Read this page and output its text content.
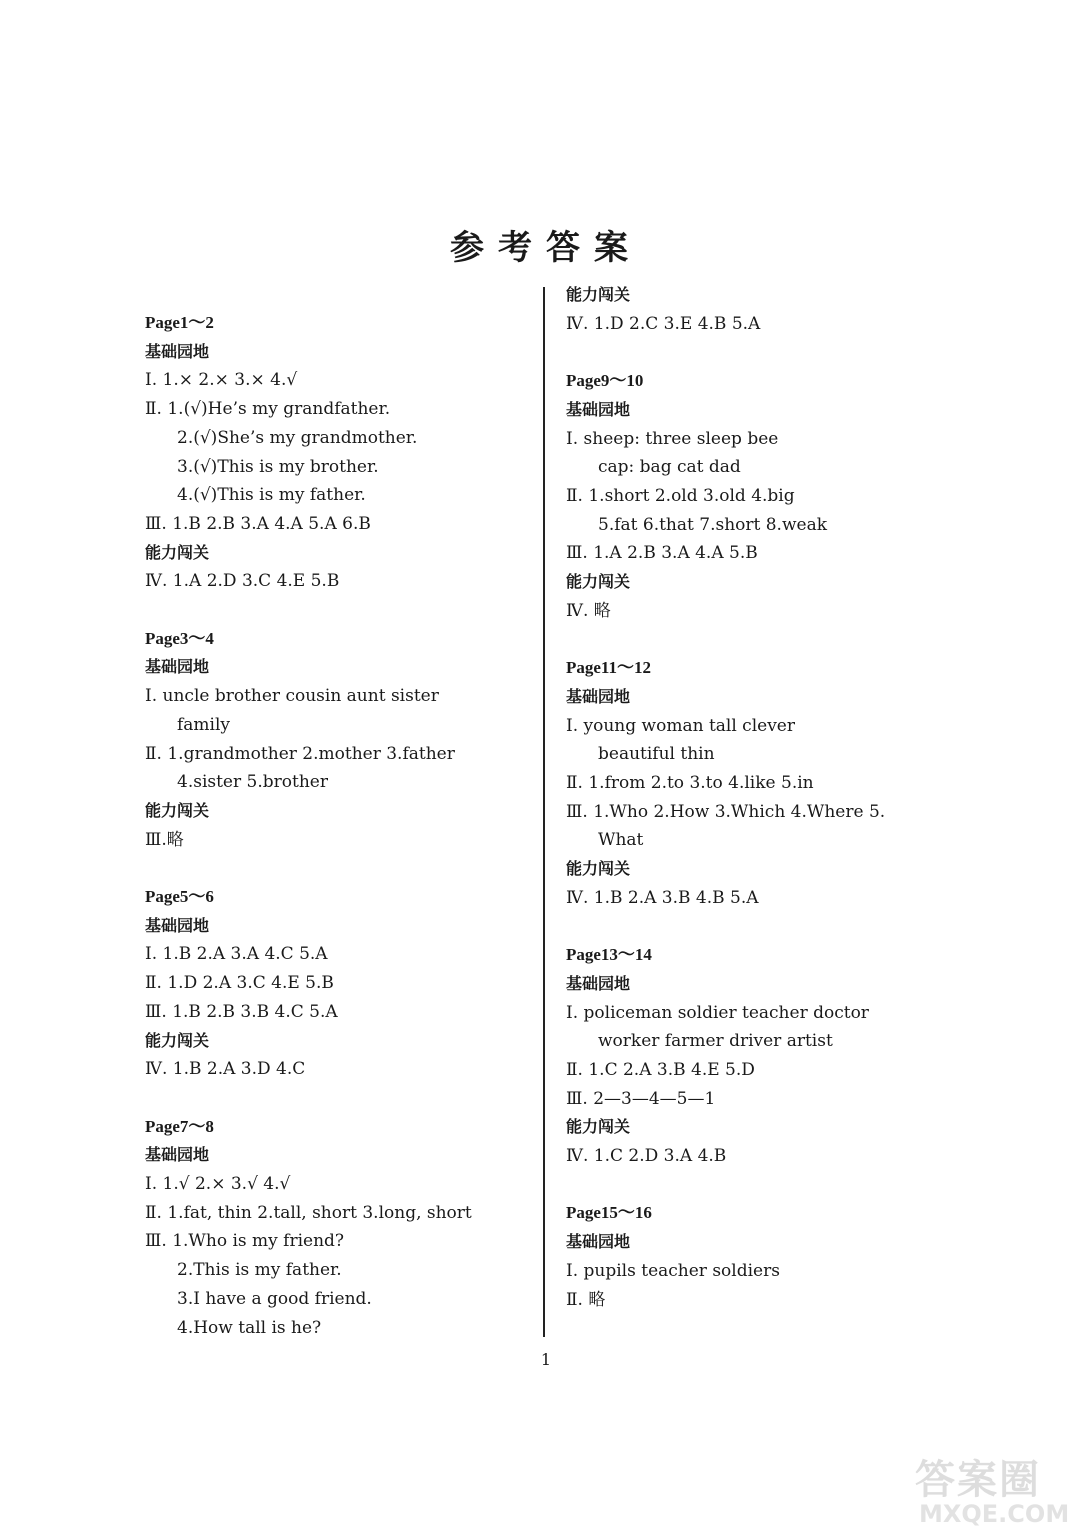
参考答案
Page1～2
基础园地
Ⅰ. 1.× 2.× 3.× 4.√
Ⅱ. 1.(√)He’s my grandfather.
2.(√)She’s my grandmother.
3.(√)This is my brother.
4.(√)This is my father.
Ⅲ. 1.B 2.B 3.A 4.A 5.A 6.B
能力闯关
Ⅳ. 1.A 2.D 3.C 4.E 5.B
Page3～4
基础园地
Ⅰ. uncle brother cousin aunt sister
family
Ⅱ. 1.grandmother 2.mother 3.father
4.sister 5.brother
能力闯关
Ⅲ.略
Page5～6
基础园地
Ⅰ. 1.B 2.A 3.A 4.C 5.A
Ⅱ. 1.D 2.A 3.C 4.E 5.B
Ⅲ. 1.B 2.B 3.B 4.C 5.A
能力闯关
Ⅳ. 1.B 2.A 3.D 4.C
Page7～8
基础园地
Ⅰ. 1.√ 2.× 3.√ 4.√
Ⅱ. 1.fat, thin 2.tall, short 3.long, short
Ⅲ. 1.Who is my friend?
2.This is my father.
3.I have a good friend.
4.How tall is he?
能力闯关
Ⅳ. 1.D 2.C 3.E 4.B 5.A
Page9～10
基础园地
Ⅰ. sheep: three sleep bee
cap: bag cat dad
Ⅱ. 1.short 2.old 3.old 4.big
5.fat 6.that 7.short 8.weak
Ⅲ. 1.A 2.B 3.A 4.A 5.B
能力闯关
Ⅳ. 略
Page11～12
基础园地
Ⅰ. young woman tall clever
beautiful thin
Ⅱ. 1.from 2.to 3.to 4.like 5.in
Ⅲ. 1.Who 2.How 3.Which 4.Where 5.
What
能力闯关
Ⅳ. 1.B 2.A 3.B 4.B 5.A
Page13～14
基础园地
Ⅰ. policeman soldier teacher doctor
worker farmer driver artist
Ⅱ. 1.C 2.A 3.B 4.E 5.D
Ⅲ. 2—3—4—5—1
能力闯关
Ⅳ. 1.C 2.D 3.A 4.B
Page15～16
基础园地
Ⅰ. pupils teacher soldiers
Ⅱ. 略
1
答案圈
MXQE.COM
